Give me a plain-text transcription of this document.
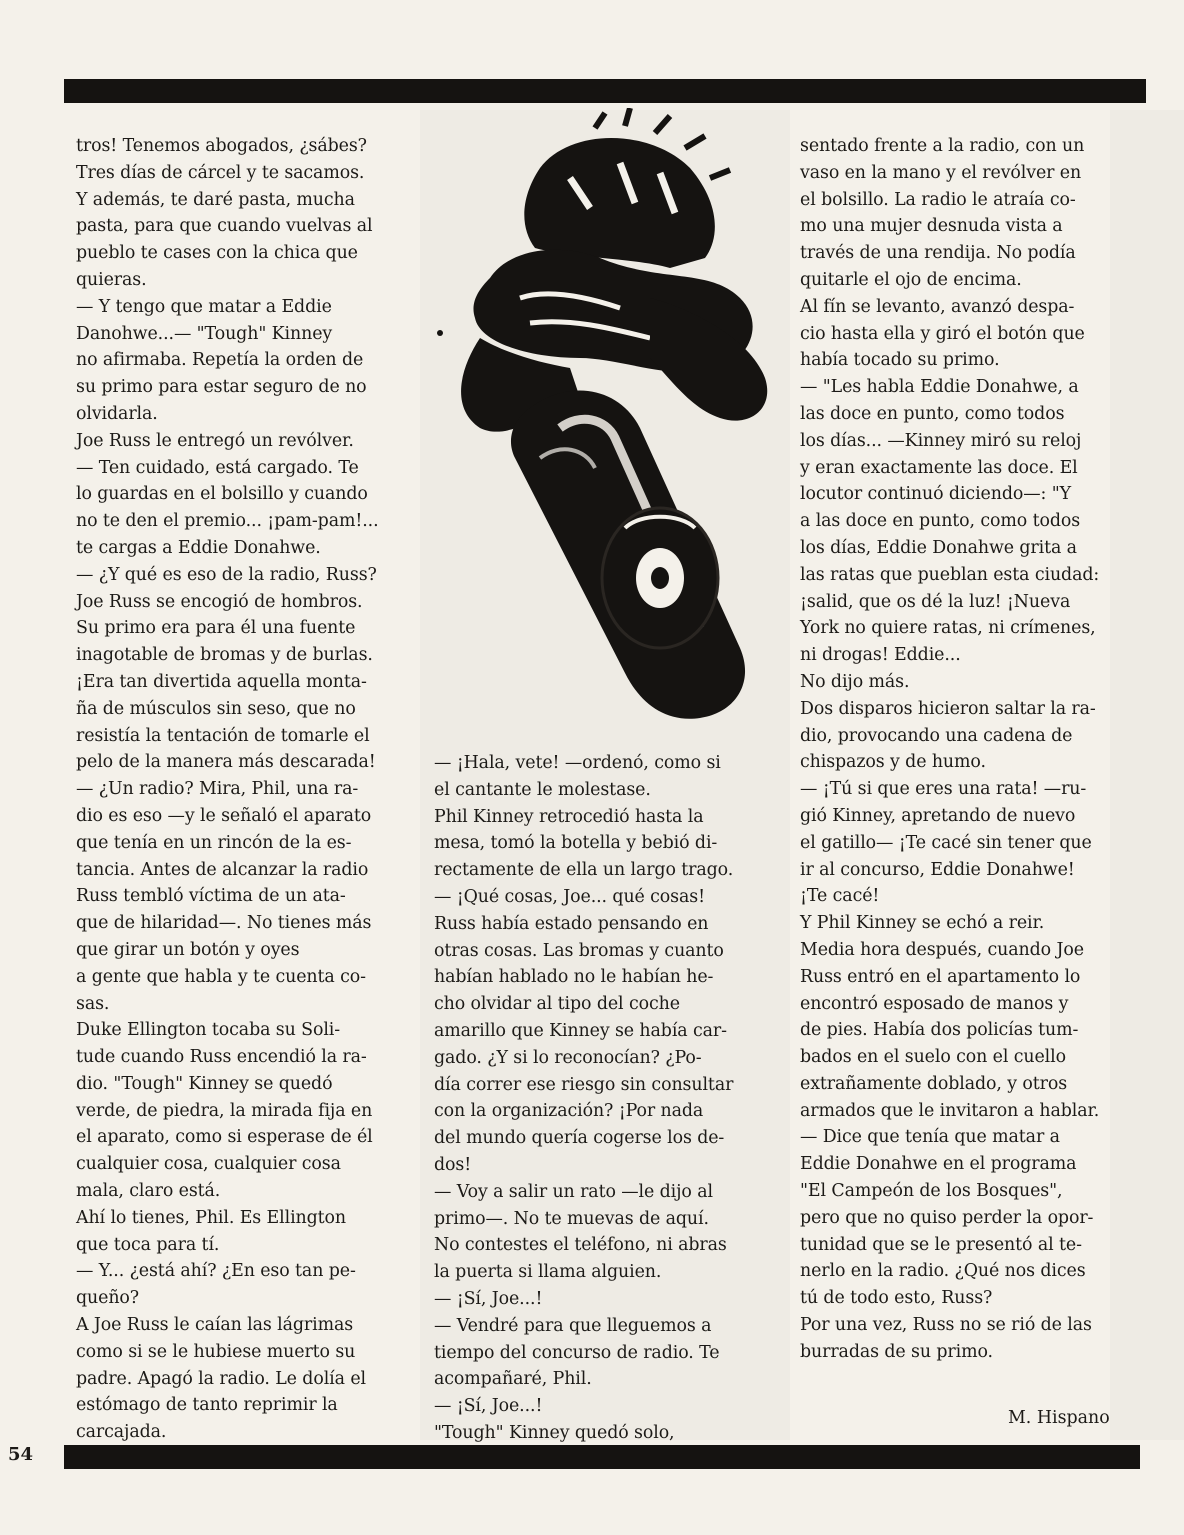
tros! Tenemos abogados, ¿sábes?

Tres días de cárcel y te sacamos.

Y además, te daré pasta, mucha

pasta, para que cuando vuelvas al

pueblo te cases con la chica que

quieras.

— Y tengo que matar a Eddie

Danohwe...— "Tough" Kinney

no afirmaba. Repetía la orden de

su primo para estar seguro de no

olvidarla.

Joe Russ le entregó un revólver.

— Ten cuidado, está cargado. Te

lo guardas en el bolsillo y cuando

no te den el premio... ¡pam-pam!...

te cargas a Eddie Donahwe.

— ¿Y qué es eso de la radio, Russ?

Joe Russ se encogió de hombros.

Su primo era para él una fuente

inagotable de bromas y de burlas.

¡Era tan divertida aquella monta-

ña de músculos sin seso, que no

resistía la tentación de tomarle el

pelo de la manera más descarada!

— ¿Un radio? Mira, Phil, una ra-

dio es eso —y le señaló el aparato

que tenía en un rincón de la es-

tancia. Antes de alcanzar la radio

Russ tembló víctima de un ata-

que de hilaridad—. No tienes más

que girar un botón y oyes

a gente que habla y te cuenta co-

sas.

Duke Ellington tocaba su Soli-

tude cuando Russ encendió la ra-

dio. "Tough" Kinney se quedó

verde, de piedra, la mirada fija en

el aparato, como si esperase de él

cualquier cosa, cualquier cosa

mala, claro está.

Ahí lo tienes, Phil. Es Ellington

que toca para tí.

— Y... ¿está ahí? ¿En eso tan pe-

queño?

A Joe Russ le caían las lágrimas

como si se le hubiese muerto su

padre. Apagó la radio. Le dolía el

estómago de tanto reprimir la

carcajada.

— ¡Hala, vete! —ordenó, como si

el cantante le molestase.

Phil Kinney retrocedió hasta la

mesa, tomó la botella y bebió di-

rectamente de ella un largo trago.

— ¡Qué cosas, Joe... qué cosas!

Russ había estado pensando en

otras cosas. Las bromas y cuanto

habían hablado no le habían he-

cho olvidar al tipo del coche

amarillo que Kinney se había car-

gado. ¿Y si lo reconocían? ¿Po-

día correr ese riesgo sin consultar

con la organización? ¡Por nada

del mundo quería cogerse los de-

dos!

— Voy a salir un rato —le dijo al

primo—. No te muevas de aquí.

No contestes el teléfono, ni abras

la puerta si llama alguien.

— ¡Sí, Joe...!

— Vendré para que lleguemos a

tiempo del concurso de radio. Te

acompañaré, Phil.

— ¡Sí, Joe...!

"Tough" Kinney quedó solo,

sentado frente a la radio, con un

vaso en la mano y el revólver en

el bolsillo. La radio le atraía co-

mo una mujer desnuda vista a

través de una rendija. No podía

quitarle el ojo de encima.

Al fín se levanto, avanzó despa-

cio hasta ella y giró el botón que

había tocado su primo.

— "Les habla Eddie Donahwe, a

las doce en punto, como todos

los días... —Kinney miró su reloj

y eran exactamente las doce. El

locutor continuó diciendo—: "Y

a las doce en punto, como todos

los días, Eddie Donahwe grita a

las ratas que pueblan esta ciudad:

¡salid, que os dé la luz! ¡Nueva

York no quiere ratas, ni crímenes,

ni drogas! Eddie...

No dijo más.

Dos disparos hicieron saltar la ra-

dio, provocando una cadena de

chispazos y de humo.

— ¡Tú si que eres una rata! —ru-

gió Kinney, apretando de nuevo

el gatillo— ¡Te cacé sin tener que

ir al concurso, Eddie Donahwe!

¡Te cacé!

Y Phil Kinney se echó a reir.

Media hora después, cuando Joe

Russ entró en el apartamento lo

encontró esposado de manos y

de pies. Había dos policías tum-

bados en el suelo con el cuello

extrañamente doblado, y otros

armados que le invitaron a hablar.

— Dice que tenía que matar a

Eddie Donahwe en el programa

"El Campeón de los Bosques",

pero que no quiso perder la opor-

tunidad que se le presentó al te-

nerlo en la radio. ¿Qué nos dices

tú de todo esto, Russ?

Por una vez, Russ no se rió de las

burradas de su primo.

M. Hispano
54
